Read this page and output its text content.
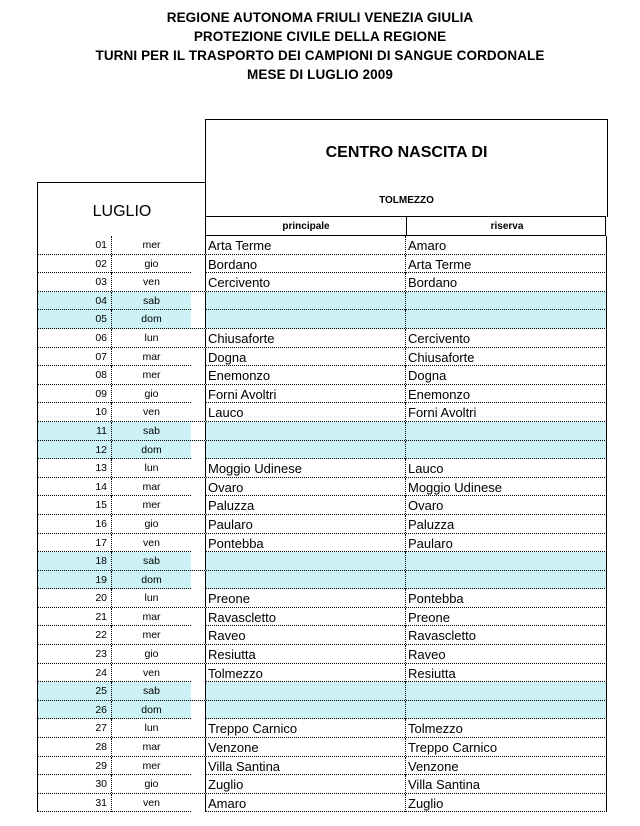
REGIONE AUTONOMA FRIULI VENEZIA GIULIA
PROTEZIONE CIVILE DELLA REGIONE
TURNI PER IL TRASPORTO DEI CAMPIONI DI SANGUE CORDONALE
MESE DI LUGLIO 2009
CENTRO NASCITA DI
TOLMEZZO
LUGLIO
principale	riserva
01	mer	Arta Terme	Amaro
02	gio	Bordano	Arta Terme
03	ven	Cercivento	Bordano
04	sab
05	dom
06	lun	Chiusaforte	Cercivento
07	mar	Dogna	Chiusaforte
08	mer	Enemonzo	Dogna
09	gio	Forni Avoltri	Enemonzo
10	ven	Lauco	Forni Avoltri
11	sab
12	dom
13	lun	Moggio Udinese	Lauco
14	mar	Ovaro	Moggio Udinese
15	mer	Paluzza	Ovaro
16	gio	Paularo	Paluzza
17	ven	Pontebba	Paularo
18	sab
19	dom
20	lun	Preone	Pontebba
21	mar	Ravascletto	Preone
22	mer	Raveo	Ravascletto
23	gio	Resiutta	Raveo
24	ven	Tolmezzo	Resiutta
25	sab
26	dom
27	lun	Treppo Carnico	Tolmezzo
28	mar	Venzone	Treppo Carnico
29	mer	Villa Santina	Venzone
30	gio	Zuglio	Villa Santina
31	ven	Amaro	Zuglio
